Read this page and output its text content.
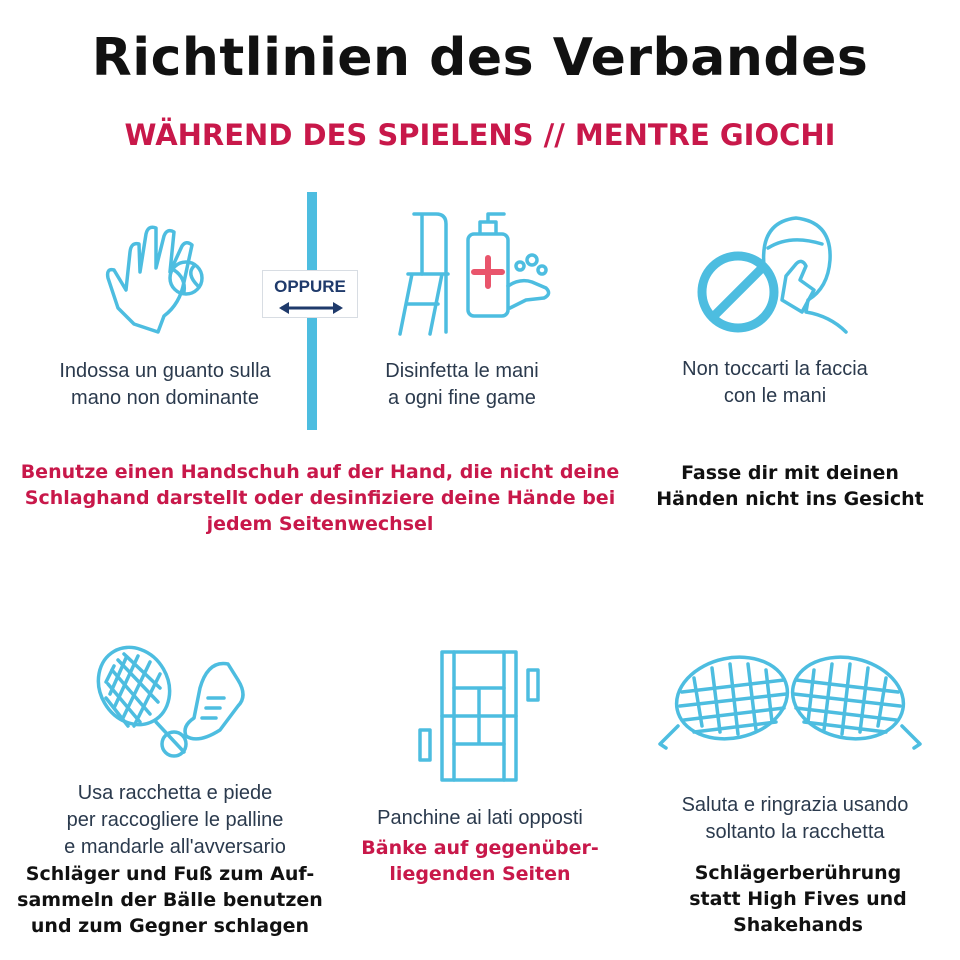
Richtlinien des Verbandes
WÄHREND DES SPIELENS // MENTRE GIOCHI
Indossa un guanto sulla
mano non dominante
OPPURE
Disinfetta le mani
a ogni fine game
Benutze einen Handschuh auf der Hand, die nicht deine
Schlaghand darstellt oder desinfiziere deine Hände bei
jedem Seitenwechsel
Non toccarti la faccia
con le mani
Fasse dir mit deinen
Händen nicht ins Gesicht
Usa racchetta e piede
per raccogliere le palline
e mandarle all'avversario
Schläger und Fuß zum Auf-
sammeln der Bälle benutzen
und zum Gegner schlagen
Panchine ai lati opposti
Bänke auf gegenüber-
liegenden Seiten
Saluta e ringrazia usando
soltanto la racchetta
Schlägerberührung
statt High Fives und
Shakehands
